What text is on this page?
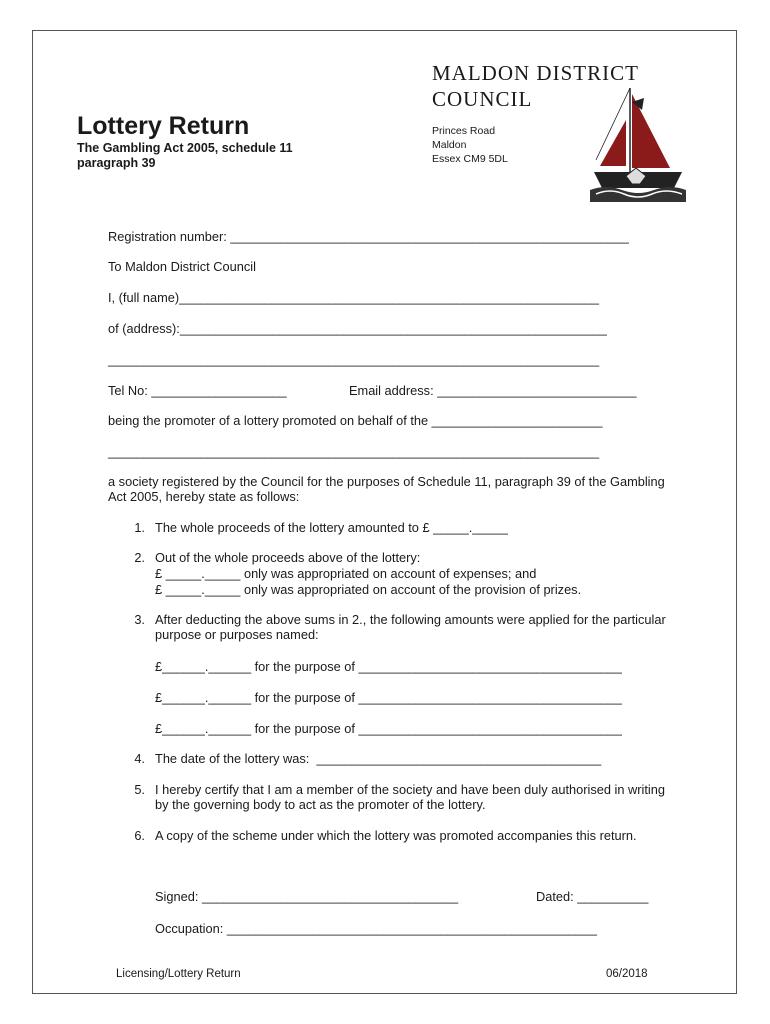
Lottery Return
The Gambling Act 2005, schedule 11 paragraph 39
MALDON DISTRICT
COUNCIL
Princes Road
Maldon
Essex CM9 5DL
Registration number: ________________________________________________________
To Maldon District Council
I, (full name)___________________________________________________________
of (address):____________________________________________________________
_____________________________________________________________________
Tel No: ___________________	Email address: ____________________________
being the promoter of a lottery promoted on behalf of the ________________________
_____________________________________________________________________
a society registered by the Council for the purposes of Schedule 11, paragraph 39 of the Gambling Act 2005, hereby state as follows:
1. The whole proceeds of the lottery amounted to £ _____._____
2. Out of the whole proceeds above of the lottery:
£ _____._____ only was appropriated on account of expenses; and
£ _____._____ only was appropriated on account of the provision of prizes.
3. After deducting the above sums in 2., the following amounts were applied for the particular purpose or purposes named:
£______.______ for the purpose of _____________________________________
£______.______ for the purpose of _____________________________________
£______.______ for the purpose of _____________________________________
4. The date of the lottery was:  ________________________________________
5. I hereby certify that I am a member of the society and have been duly authorised in writing by the governing body to act as the promoter of the lottery.
6. A copy of the scheme under which the lottery was promoted accompanies this return.
Signed: ____________________________________	Dated: __________
Occupation: ____________________________________________________
Licensing/Lottery Return	06/2018
